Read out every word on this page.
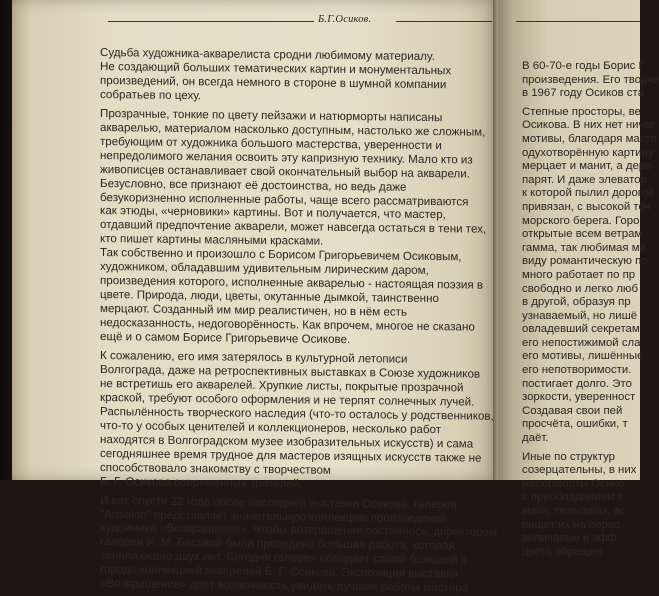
Б.Г.Осиков.
Судьба художника-акварелиста сродни любимому материалу.
Не создающий больших тематических картин и монументальных
произведений, он всегда немного в стороне в шумной компании
собратьев по цеху.
Прозрачные, тонкие по цвету пейзажи и натюрморты написаны
акварелью, материалом насколько доступным, настолько же сложным,
требующим от художника большого мастерства, уверенности и
непредолимого желания освоить эту капризную технику. Мало кто из
живописцев останавливает свой окончательный выбор на акварели.
Безусловно, все признают её достоинства, но ведь даже
безукоризненно исполненные работы, чаще всего рассматриваются
как этюды, «черновики» картины. Вот и получается, что мастер,
отдавший предпочтение акварели, может навсегда остаться в тени тех,
кто пишет картины масляными красками.
Так собственно и произошло с Борисом Григорьевичем Осиковым,
художником, обладавшим удивительным лирическим даром,
произведения которого, исполненные акварелью - настоящая поэзия в
цвете. Природа, люди, цветы, окутанные дымкой, таинственно
мерцают. Созданный им мир реалистичен, но в нём есть
недосказанность, недоговорённость. Как впрочем, многое не сказано
ещё и о самом Борисе Григорьевиче Осикове.
К сожалению, его имя затерялось в культурной летописи
Волгограда, даже на ретроспективных выставках в Союзе художников
не встретишь его акварелей. Хрупкие листы, покрытые прозрачной
краской, требуют особого оформления и не терпят солнечных лучей.
Распылённость творческого наследия (что-то осталось у родственников,
что-то у особых ценителей и коллекционеров, несколько работ
находятся в Волгоградском музее изобразительных искусств) и сама
сегодняшнее время трудное для мастеров изящных искусств также не
способствовало знакомству с творчеством
Б. Г. Осикова современных зрителей.
И вот спустя 22 года после последней выставки Осикова, галерея
"Artsalon" представляет значительную коллекцию произведений
художника «Возвращение». Чтобы возвращение состоялось, директором
галереи И. М. Басовой была проведена большая работа, которая
заняла около двух лет. Сегодня галерея обладает самой большой в
городе коллекцией акварелей Б. Г. Осикова. Экспозиция выставки
«Возвращение» даёт возможность увидеть лучшие работы мастера
В 60-70-е годы Борис Г
произведения. Его творче
в 1967 году Осиков ста
Степные просторы, ве
Осикова. В них нет ничег
мотивы, благодаря масте
одухотворённую картину
мерцает и манит, а дере
парят. И даже элеватор
к которой пылил дорогой
привязан, с высокой точ
морского берега. Горо
открытые всем ветрам.
гамма, так любимая ма
виду романтическую по
много работает по пр
свободно и легко люб
в другой, образуя пр
узнаваемый, но лишё
овладевший секретам
его непостижимой сла
его мотивы, лишённые
его непотворимости.
постигает долго. Это
зоркости, уверенност
Создавая свои пей
просчёта, ошибки, т
даёт.
Иные по структур
созерцательны, в них
натюрморты Осико
с преобладанием т
маки, тюльпаны, ас
пишет их на перво
величавые и эфф
цвета обращён
